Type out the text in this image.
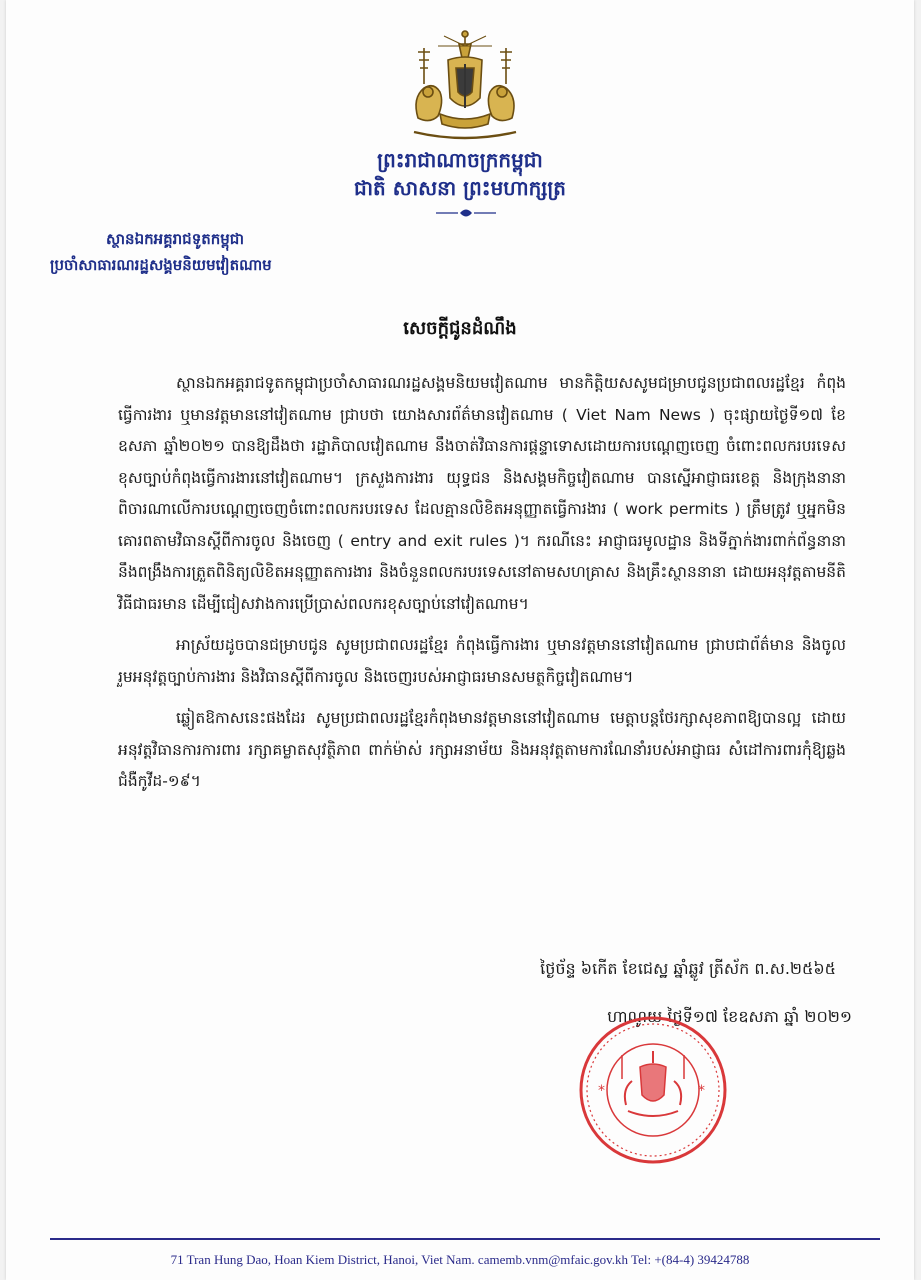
ព្រះរាជាណាចក្រកម្ពុជា
ជាតិ សាសនា ព្រះមហាក្សត្រ
ស្ថានឯកអគ្គរាជទូតកម្ពុជា
ប្រចាំសាធារណរដ្ឋសង្គមនិយមវៀតណាម
សេចក្តីជូនដំណឹង

ស្ថានឯកអគ្គរាជទូតកម្ពុជាប្រចាំសាធារណរដ្ឋសង្គមនិយមវៀតណាម មានកិត្តិយសសូមជម្រាបជូនប្រជាពលរដ្ឋខ្មែរ កំពុងធ្វើការងារ ឬមានវត្តមាននៅវៀតណាម ជ្រាបថា យោងសារព័ត៌មានវៀតណាម ( Viet Nam News ) ចុះផ្សាយថ្ងៃទី១៧ ខែឧសភា ឆ្នាំ២០២១ បានឱ្យដឹងថា រដ្ឋាភិបាលវៀតណាម នឹងចាត់វិធានការផ្តន្ទាទោសដោយការបណ្តេញចេញ ចំពោះពលករបរទេសខុសច្បាប់កំពុងធ្វើការងារនៅវៀតណាម។ ក្រសួងការងារ យុទ្ធជន និងសង្គមកិច្ចវៀតណាម បានស្នើអាជ្ញាធរខេត្ត និងក្រុងនានា ពិចារណាលើការបណ្តេញចេញចំពោះពលករបរទេស ដែលគ្មានលិខិតអនុញ្ញាតធ្វើការងារ ( work permits ) ត្រឹមត្រូវ ឬអ្នកមិនគោរពតាមវិធានស្តីពីការចូល និងចេញ ( entry and exit rules )។ ករណីនេះ អាជ្ញាធរមូលដ្ឋាន និងទីភ្នាក់ងារពាក់ព័ន្ធនានា នឹងពង្រឹងការត្រួតពិនិត្យលិខិតអនុញ្ញាតការងារ និងចំនួនពលករបរទេសនៅតាមសហគ្រាស និងគ្រឹះស្ថាននានា ដោយអនុវត្តតាមនីតិវិធីជាធរមាន ដើម្បីជៀសវាងការប្រើប្រាស់ពលករខុសច្បាប់នៅវៀតណាម។

អាស្រ័យដូចបានជម្រាបជូន សូមប្រជាពលរដ្ឋខ្មែរ កំពុងធ្វើការងារ ឬមានវត្តមាននៅវៀតណាម ជ្រាបជាព័ត៌មាន និងចូលរួមអនុវត្តច្បាប់ការងារ និងវិធានស្តីពីការចូល និងចេញរបស់អាជ្ញាធរមានសមត្ថកិច្ចវៀតណាម។

ឆ្លៀតឱកាសនេះផងដែរ សូមប្រជាពលរដ្ឋខ្មែរកំពុងមានវត្តមាននៅវៀតណាម មេត្តាបន្តថែរក្សាសុខភាពឱ្យបានល្អ ដោយអនុវត្តវិធានការការពារ រក្សាគម្លាតសុវត្ថិភាព ពាក់ម៉ាស់ រក្សាអនាម័យ និងអនុវត្តតាមការណែនាំរបស់អាជ្ញាធរ សំដៅការពារកុំឱ្យឆ្លងជំងឺកូវីដ-១៩។

ថ្ងៃច័ន្ទ ៦កើត ខែជេស្ឋ ឆ្នាំឆ្លូវ ត្រីស័ក ព.ស.២៥៦៥
ហាណូយ ថ្ងៃទី១៧ ខែឧសភា ឆ្នាំ ២០២១
*	*
71 Tran Hung Dao, Hoan Kiem District, Hanoi, Viet Nam. camemb.vnm@mfaic.gov.kh Tel: +(84-4) 39424788
